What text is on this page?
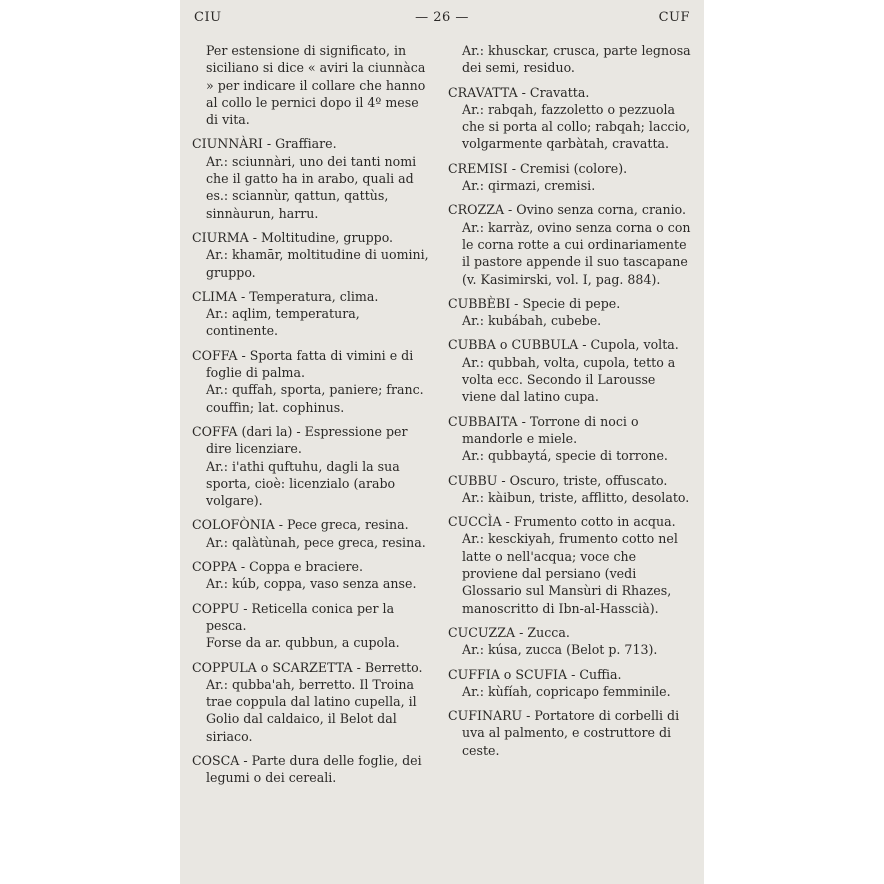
CIU	— 26 —	CUF

Per estensione di significato, in siciliano si dice « aviri la ciunnàca » per indicare il collare che hanno al collo le pernici dopo il 4º mese di vita.

CIUNNÀRI - Graffiare.

Ar.: sciunnàri, uno dei tanti nomi che il gatto ha in arabo, quali ad es.: sciannùr, qattun, qattùs, sinnàurun, harru.

CIURMA - Moltitudine, gruppo.

Ar.: khamār, moltitudine di uomini, gruppo.

CLIMA - Temperatura, clima.

Ar.: aqlim, temperatura, continente.

COFFA - Sporta fatta di vimini e di foglie di palma.

Ar.: quffah, sporta, paniere; franc. couffin; lat. cophinus.

COFFA (dari la) - Espressione per dire licenziare.

Ar.: i'athi quftuhu, dagli la sua sporta, cioè: licenzialo (arabo volgare).

COLOFÒNIA - Pece greca, resina.

Ar.: qalàtùnah, pece greca, resina.

COPPA - Coppa e braciere.

Ar.: kúb, coppa, vaso senza anse.

COPPU - Reticella conica per la pesca.

Forse da ar. qubbun, a cupola.

COPPULA o SCARZETTA - Berretto.

Ar.: qubba'ah, berretto. Il Troina trae coppula dal latino cupella, il Golio dal caldaico, il Belot dal siriaco.

COSCA - Parte dura delle foglie, dei legumi o dei cereali.

Ar.: khusckar, crusca, parte legnosa dei semi, residuo.

CRAVATTA - Cravatta.

Ar.: rabqah, fazzoletto o pezzuola che si porta al collo; rabqah; laccio, volgarmente qarbàtah, cravatta.

CREMISI - Cremisi (colore).

Ar.: qirmazi, cremisi.

CROZZA - Ovino senza corna, cranio.

Ar.: karràz, ovino senza corna o con le corna rotte a cui ordinariamente il pastore appende il suo tascapane (v. Kasimirski, vol. I, pag. 884).

CUBBÈBI - Specie di pepe.

Ar.: kubábah, cubebe.

CUBBA o CUBBULA - Cupola, volta.

Ar.: qubbah, volta, cupola, tetto a volta ecc. Secondo il Larousse viene dal latino cupa.

CUBBAITA - Torrone di noci o mandorle e miele.

Ar.: qubbaytá, specie di torrone.

CUBBU - Oscuro, triste, offuscato.

Ar.: kàibun, triste, afflitto, desolato.

CUCCÌA - Frumento cotto in acqua.

Ar.: kesckiyah, frumento cotto nel latte o nell'acqua; voce che proviene dal persiano (vedi Glossario sul Mansùri di Rhazes, manoscritto di Ibn-al-Hasscià).

CUCUZZA - Zucca.

Ar.: kúsa, zucca (Belot p. 713).

CUFFIA o SCUFIA - Cuffia.

Ar.: kùfíah, copricapo femminile.

CUFINARU - Portatore di corbelli di uva al palmento, e costruttore di ceste.
